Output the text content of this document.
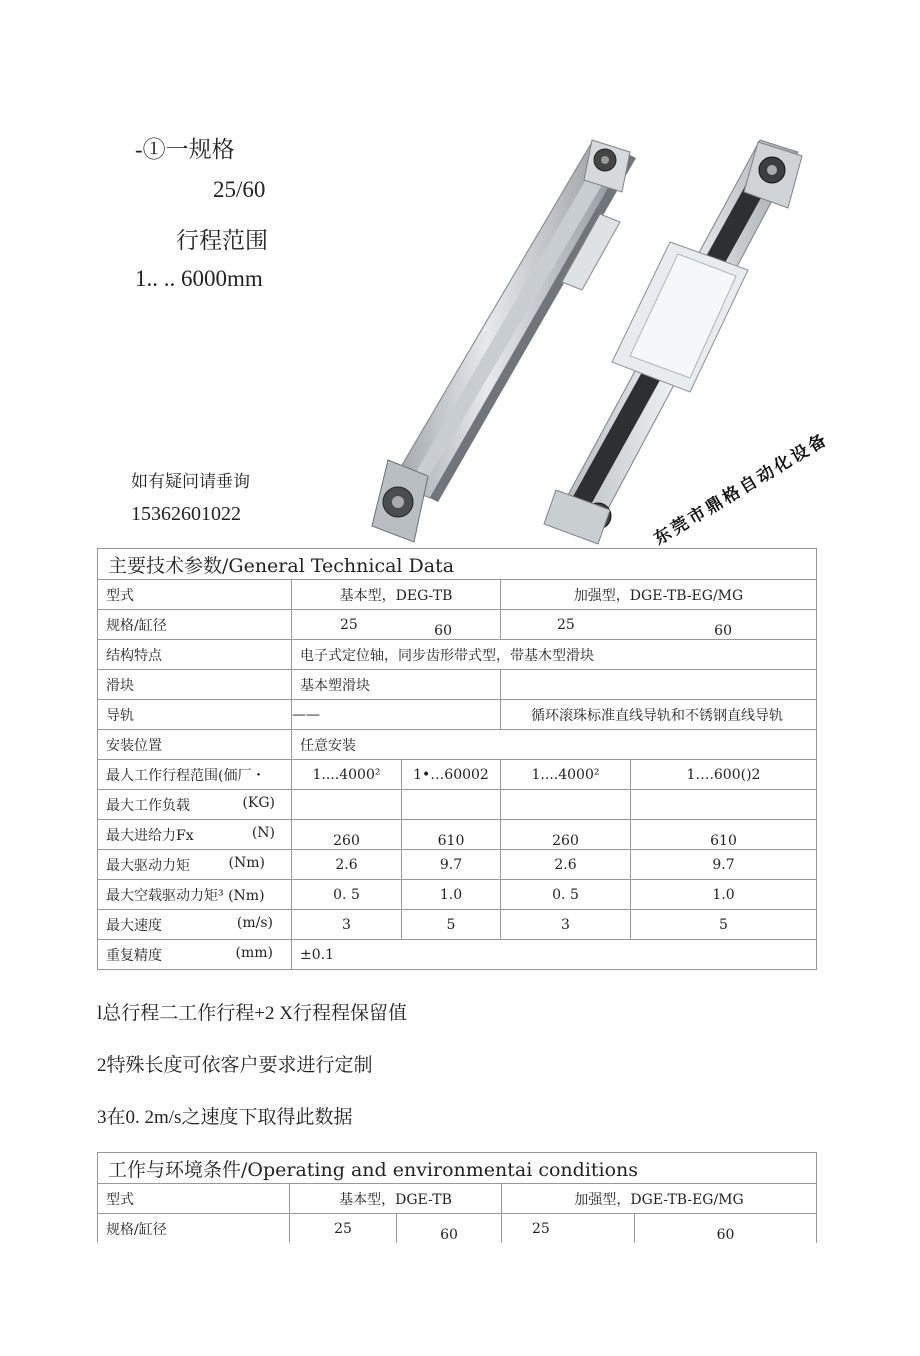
-①一规格
25/60
行程范围
1.. .. 6000mm
如有疑问请垂询
15362601022	东莞市鼎格自动化设备
主要技术参数/General Technical Data				
型式	基本型，DEG-TB		加强型，DGE-TB-EG/MG	
规格/缸径	25 60		25 60	

结构特点	电子式定位轴，同步齿形带式型，带基木型滑块			
滑块	基本塑滑块			
导轨	——		循环滚珠标准直线导轨和不锈钢直线导轨	
安装位置	任意安装			
最人工作行程范围(価厂・	1....4000²	1•…60002	1....4000²	1….600()2

最大工作负载 (KG)				

最大进给力Fx (N)	260	610	260	610

最大驱动力矩 (Nm)	2.6	9.7	2.6	9.7
最大空载驱动力矩³ (Nm)	0. 5	1.0	0. 5	1.0

最大速度 (m/s)	3	5	3	5

重复精度 (mm)	±0.1			
l总行程二工作行程+2 X行程程保留值
2特殊长度可依客户要求进行定制
3在0. 2m/s之速度下取得此数据
工作与环境条件/Operating and environmentai conditions				
型式	基本型，DGE-TB		加强型，DGE-TB-EG/MG	
规格/缸径	25	60	25	60
